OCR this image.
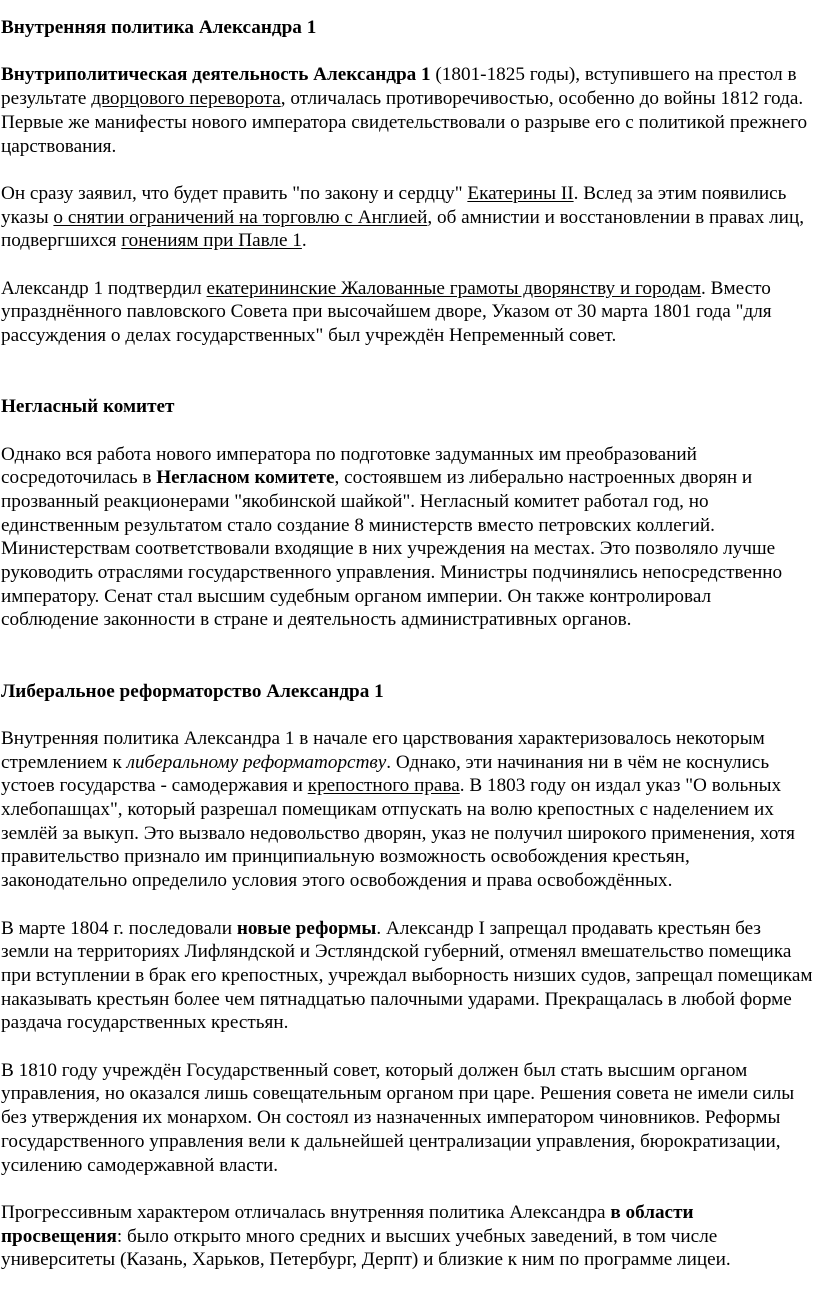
Внутренняя политика Александра 1

Внутриполитическая деятельность Александра 1 (1801-1825 годы), вступившего на престол в результате дворцового переворота, отличалась противоречивостью, особенно до войны 1812 года. Первые же манифесты нового императора свидетельствовали о разрыве его с политикой прежнего царствования.

Он сразу заявил, что будет править "по закону и сердцу" Екатерины II. Вслед за этим появились указы о снятии ограничений на торговлю с Англией, об амнистии и восстановлении в правах лиц, подвергшихся гонениям при Павле 1.

Александр 1 подтвердил екатерининские Жалованные грамоты дворянству и городам. Вместо упразднённого павловского Совета при высочайшем дворе, Указом от 30 марта 1801 года "для рассуждения о делах государственных" был учреждён Непременный совет.

Негласный комитет

Однако вся работа нового императора по подготовке задуманных им преобразований сосредоточилась в Негласном комитете, состоявшем из либерально настроенных дворян и прозванный реакционерами "якобинской шайкой". Негласный комитет работал год, но единственным результатом стало создание 8 министерств вместо петровских коллегий. Министерствам соответствовали входящие в них учреждения на местах. Это позволяло лучше руководить отраслями государственного управления. Министры подчинялись непосредственно императору. Сенат стал высшим судебным органом империи. Он также контролировал соблюдение законности в стране и деятельность административных органов.

Либеральное реформаторство Александра 1

Внутренняя политика Александра 1 в начале его царствования характеризовалось некоторым стремлением к либеральному реформаторству. Однако, эти начинания ни в чём не коснулись устоев государства - самодержавия и крепостного права. В 1803 году он издал указ "О вольных хлебопашцах", который разрешал помещикам отпускать на волю крепостных с наделением их землёй за выкуп. Это вызвало недовольство дворян, указ не получил широкого применения, хотя правительство признало им принципиальную возможность освобождения крестьян, законодательно определило условия этого освобождения и права освобождённых.

В марте 1804 г. последовали новые реформы. Александр I запрещал продавать крестьян без земли на территориях Лифляндской и Эстляндской губерний, отменял вмешательство помещика при вступлении в брак его крепостных, учреждал выборность низших судов, запрещал помещикам наказывать крестьян более чем пятнадцатью палочными ударами. Прекращалась в любой форме раздача государственных крестьян.

В 1810 году учреждён Государственный совет, который должен был стать высшим органом управления, но оказался лишь совещательным органом при царе. Решения совета не имели силы без утверждения их монархом. Он состоял из назначенных императором чиновников. Реформы государственного управления вели к дальнейшей централизации управления, бюрократизации, усилению самодержавной власти.

Прогрессивным характером отличалась внутренняя политика Александра в области просвещения: было открыто много средних и высших учебных заведений, в том числе университеты (Казань, Харьков, Петербург, Дерпт) и близкие к ним по программе лицеи.
